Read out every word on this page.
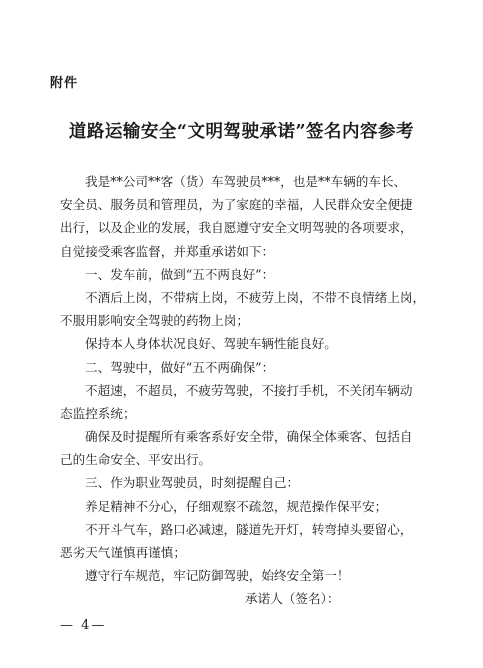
附件
道路运输安全“文明驾驶承诺”签名内容参考
我是**公司**客（货）车驾驶员***，也是**车辆的车长、
安全员、服务员和管理员，为了家庭的幸福，人民群众安全便捷
出行，以及企业的发展，我自愿遵守安全文明驾驶的各项要求，
自觉接受乘客监督，并郑重承诺如下：
一、发车前，做到“五不两良好”：
不酒后上岗，不带病上岗，不疲劳上岗，不带不良情绪上岗，
不服用影响安全驾驶的药物上岗；
保持本人身体状况良好、驾驶车辆性能良好。
二、驾驶中，做好“五不两确保”：
不超速，不超员，不疲劳驾驶，不接打手机，不关闭车辆动
态监控系统；
确保及时提醒所有乘客系好安全带，确保全体乘客、包括自
己的生命安全、平安出行。
三、作为职业驾驶员，时刻提醒自己：
养足精神不分心，仔细观察不疏忽，规范操作保平安；
不开斗气车，路口必减速，隧道先开灯，转弯掉头要留心，
恶劣天气谨慎再谨慎；
遵守行车规范，牢记防御驾驶，始终安全第一！
承诺人（签名）：
— 4—
